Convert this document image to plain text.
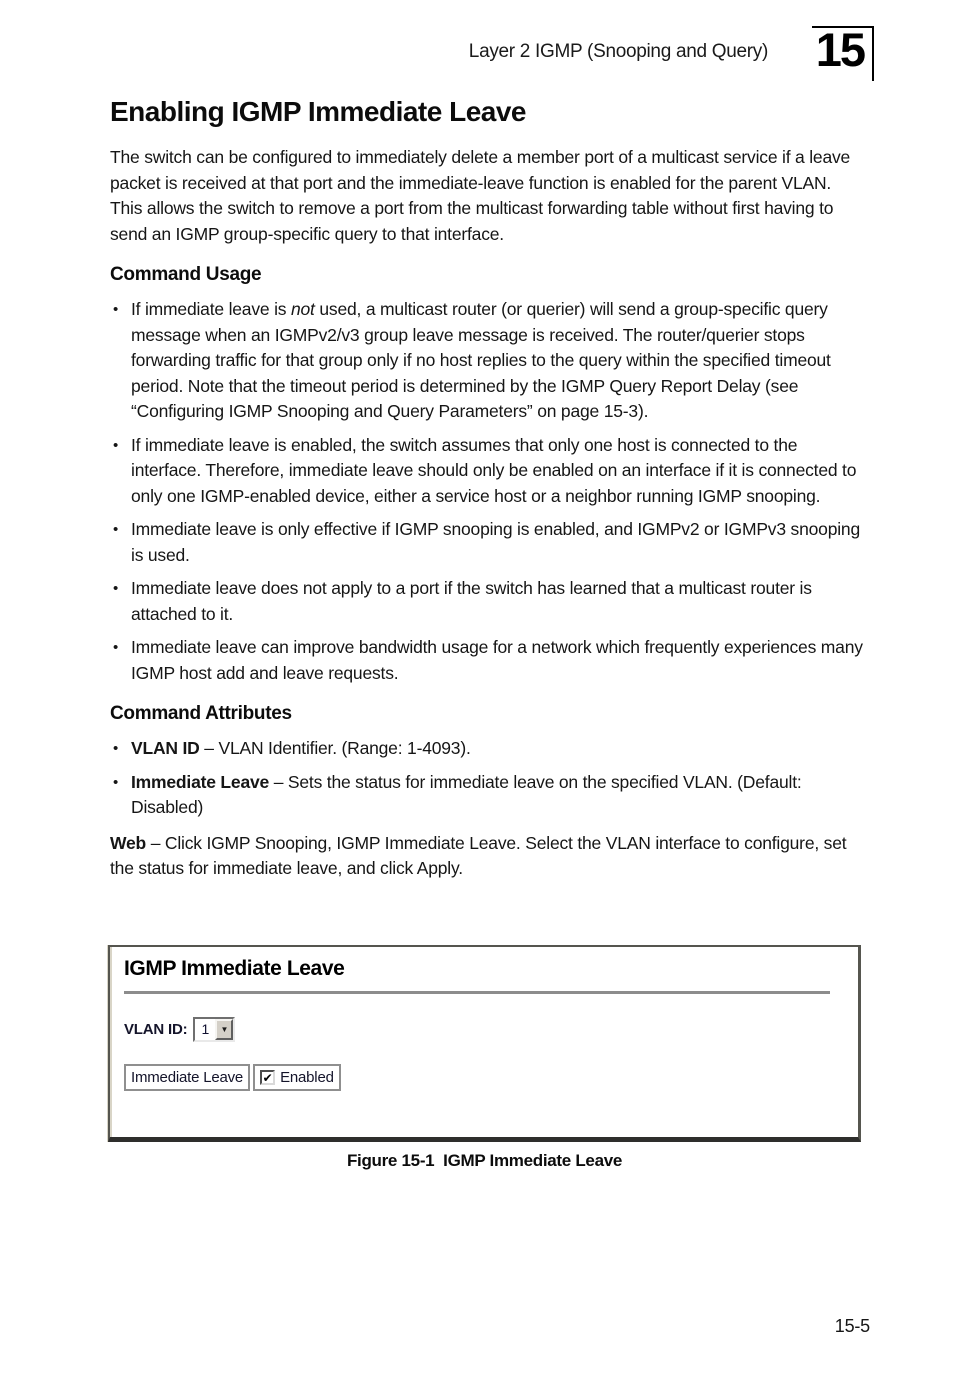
Layer 2 IGMP (Snooping and Query) 15
Enabling IGMP Immediate Leave

The switch can be configured to immediately delete a member port of a multicast service if a leave packet is received at that port and the immediate-leave function is enabled for the parent VLAN. This allows the switch to remove a port from the multicast forwarding table without first having to send an IGMP group-specific query to that interface.

Command Usage
• If immediate leave is not used, a multicast router (or querier) will send a group-specific query message when an IGMPv2/v3 group leave message is received. The router/querier stops forwarding traffic for that group only if no host replies to the query within the specified timeout period. Note that the timeout period is determined by the IGMP Query Report Delay (see “Configuring IGMP Snooping and Query Parameters” on page 15-3).
• If immediate leave is enabled, the switch assumes that only one host is connected to the interface. Therefore, immediate leave should only be enabled on an interface if it is connected to only one IGMP-enabled device, either a service host or a neighbor running IGMP snooping.
• Immediate leave is only effective if IGMP snooping is enabled, and IGMPv2 or IGMPv3 snooping is used.
• Immediate leave does not apply to a port if the switch has learned that a multicast router is attached to it.
• Immediate leave can improve bandwidth usage for a network which frequently experiences many IGMP host add and leave requests.
Command Attributes
• VLAN ID – VLAN Identifier. (Range: 1-4093).
• Immediate Leave – Sets the status for immediate leave on the specified VLAN. (Default: Disabled)

Web – Click IGMP Snooping, IGMP Immediate Leave. Select the VLAN interface to configure, set the status for immediate leave, and click Apply.

IGMP Immediate Leave
VLAN ID:	1	▼
Immediate Leave	✔ Enabled
Figure 15-1  IGMP Immediate Leave
15-5
